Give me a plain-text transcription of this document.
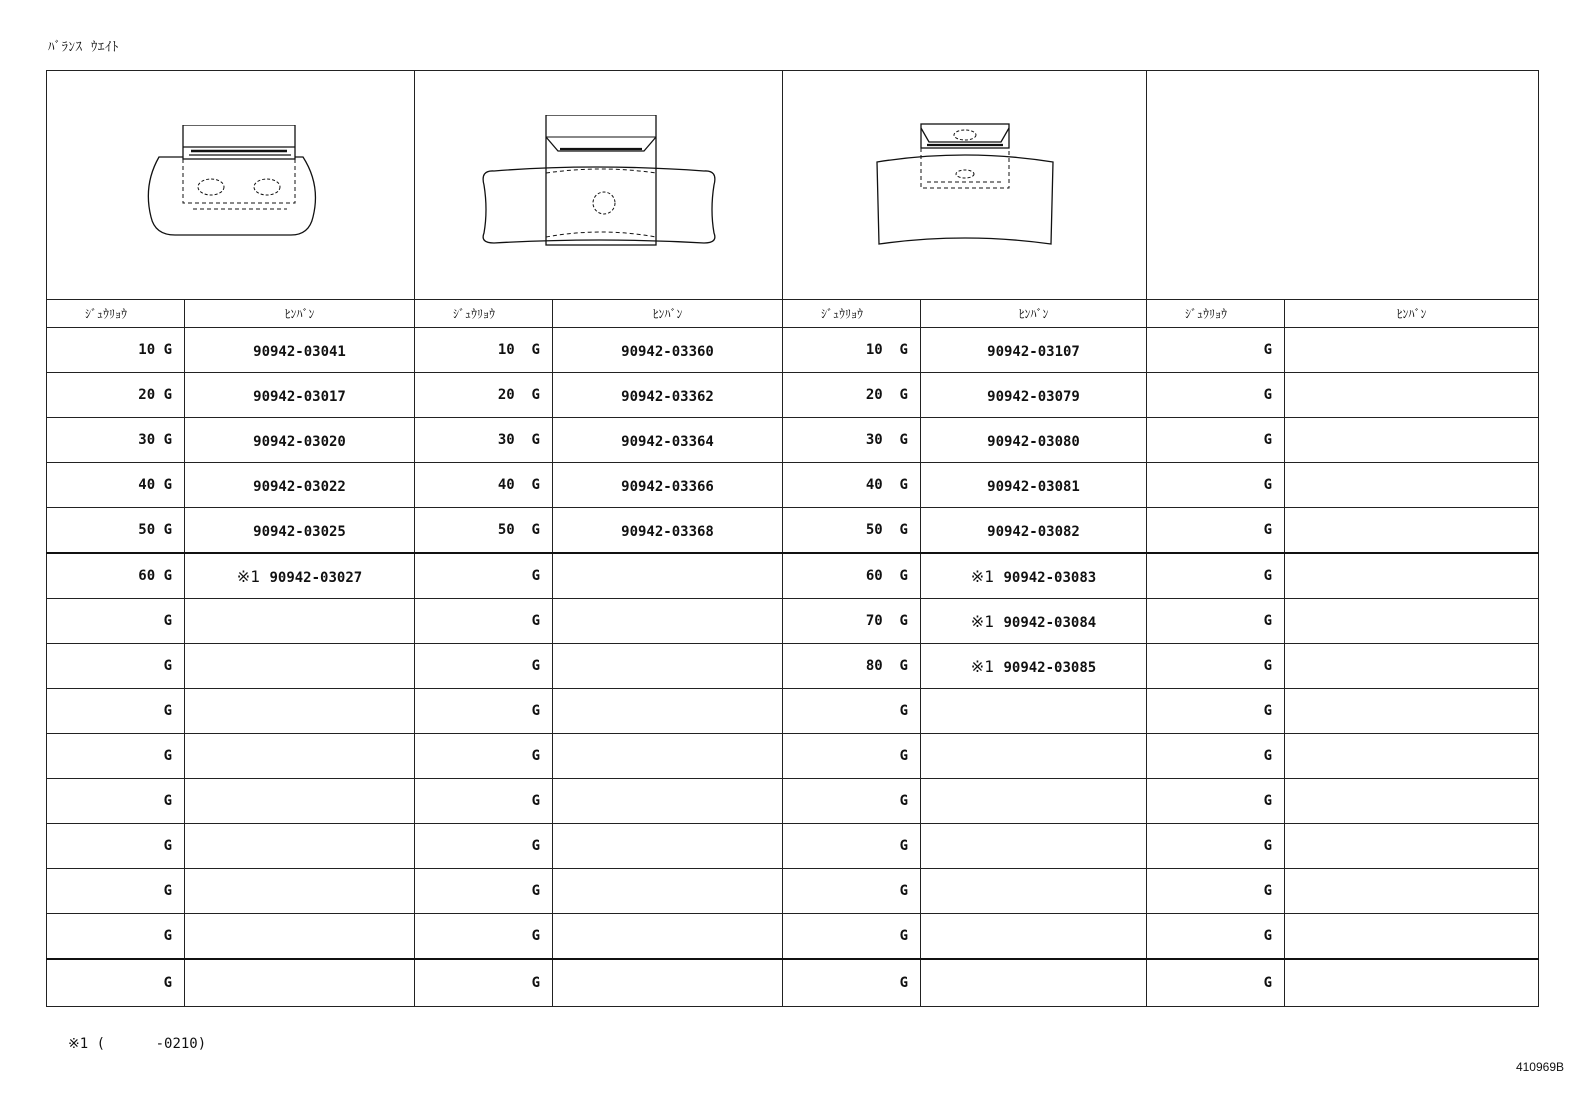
ﾊﾞﾗﾝｽ ｳｴｲﾄ

ｼﾞｭｳﾘｮｳ	ﾋﾝﾊﾞﾝ	ｼﾞｭｳﾘｮｳ	ﾋﾝﾊﾞﾝ	ｼﾞｭｳﾘｮｳ	ﾋﾝﾊﾞﾝ	ｼﾞｭｳﾘｮｳ	ﾋﾝﾊﾞﾝ
10 G	90942-03041	10  G	90942-03360	10  G	90942-03107	G	
20 G	90942-03017	20  G	90942-03362	20  G	90942-03079	G	
30 G	90942-03020	30  G	90942-03364	30  G	90942-03080	G	
40 G	90942-03022	40  G	90942-03366	40  G	90942-03081	G	
50 G	90942-03025	50  G	90942-03368	50  G	90942-03082	G	
60 G	※1 90942-03027	G		60  G	※1 90942-03083	G	
G		G		70  G	※1 90942-03084	G	
G		G		80  G	※1 90942-03085	G	
G		G		G		G	
G		G		G		G	
G		G		G		G	
G		G		G		G	
G		G		G		G	
G		G		G		G	
G		G		G		G	
※1 (      -0210)
410969B
